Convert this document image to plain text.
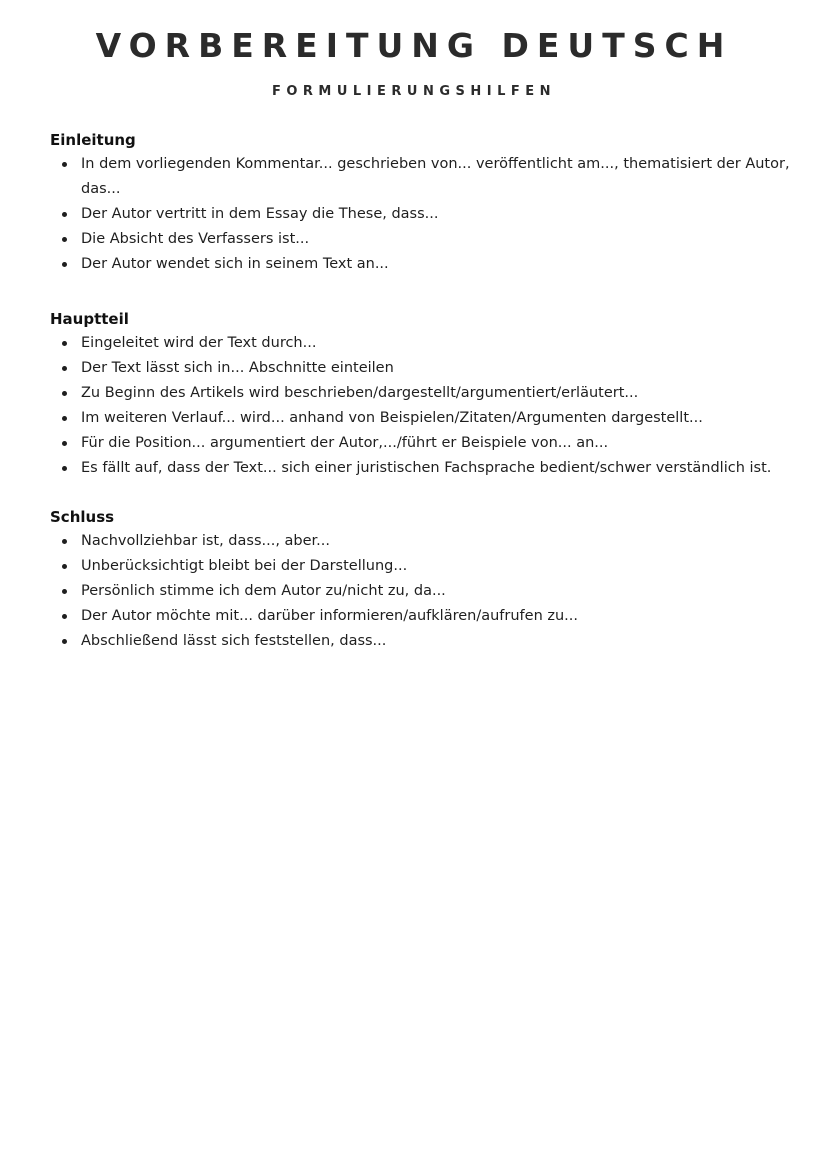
VORBEREITUNG DEUTSCH
FORMULIERUNGSHILFEN
Einleitung
In dem vorliegenden Kommentar... geschrieben von... veröffentlicht am..., thematisiert der Autor, das...
Der Autor vertritt in dem Essay die These, dass...
Die Absicht des Verfassers ist...
Der Autor wendet sich in seinem Text an...
Hauptteil
Eingeleitet wird der Text durch...
Der Text lässt sich in... Abschnitte einteilen
Zu Beginn des Artikels wird beschrieben/dargestellt/argumentiert/erläutert...
Im weiteren Verlauf... wird... anhand von Beispielen/Zitaten/Argumenten dargestellt...
Für die Position... argumentiert der Autor,.../führt er Beispiele von... an...
Es fällt auf, dass der Text... sich einer juristischen Fachsprache bedient/schwer verständlich ist.
Schluss
Nachvollziehbar ist, dass..., aber...
Unberücksichtigt bleibt bei der Darstellung...
Persönlich stimme ich dem Autor zu/nicht zu, da...
Der Autor möchte mit... darüber informieren/aufklären/aufrufen zu...
Abschließend lässt sich feststellen, dass...
